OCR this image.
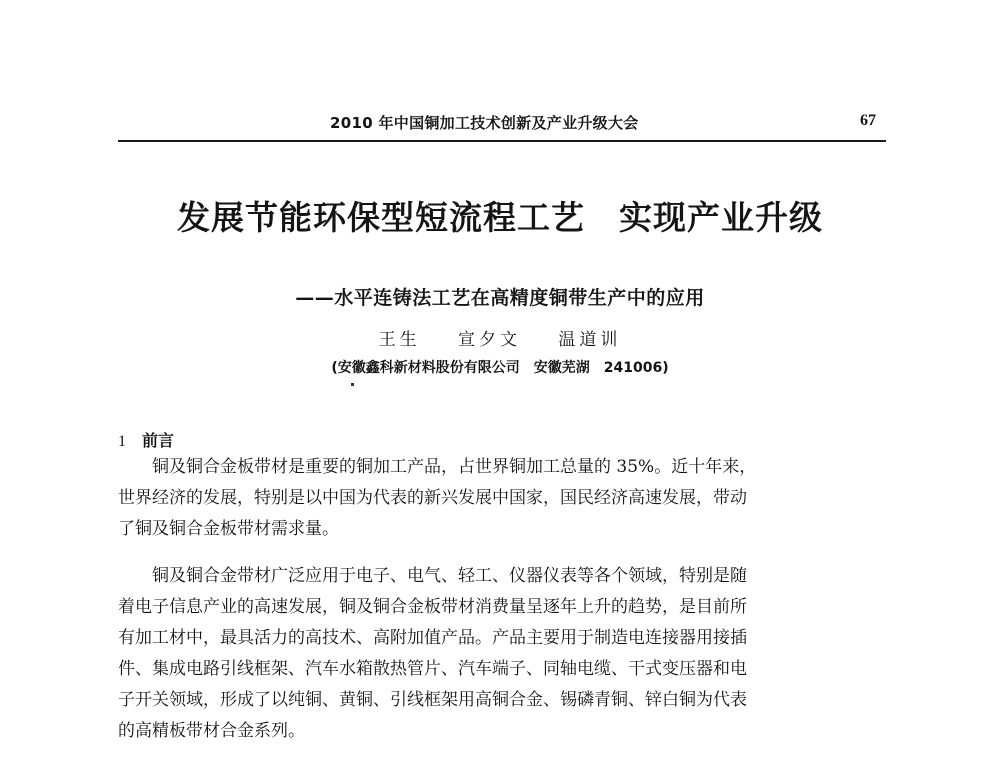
2010 年中国铜加工技术创新及产业升级大会	67
发展节能环保型短流程工艺 实现产业升级
——水平连铸法工艺在高精度铜带生产中的应用
王生 宣夕文 温道训
(安徽鑫科新材料股份有限公司 安徽芜湖 241006)
1 前言
铜及铜合金板带材是重要的铜加工产品，占世界铜加工总量的 35%。近十年来，
世界经济的发展，特别是以中国为代表的新兴发展中国家，国民经济高速发展，带动
了铜及铜合金板带材需求量。
铜及铜合金带材广泛应用于电子、电气、轻工、仪器仪表等各个领域，特别是随
着电子信息产业的高速发展，铜及铜合金板带材消费量呈逐年上升的趋势，是目前所
有加工材中，最具活力的高技术、高附加值产品。产品主要用于制造电连接器用接插
件、集成电路引线框架、汽车水箱散热管片、汽车端子、同轴电缆、干式变压器和电
子开关领域，形成了以纯铜、黄铜、引线框架用高铜合金、锡磷青铜、锌白铜为代表
的高精板带材合金系列。
